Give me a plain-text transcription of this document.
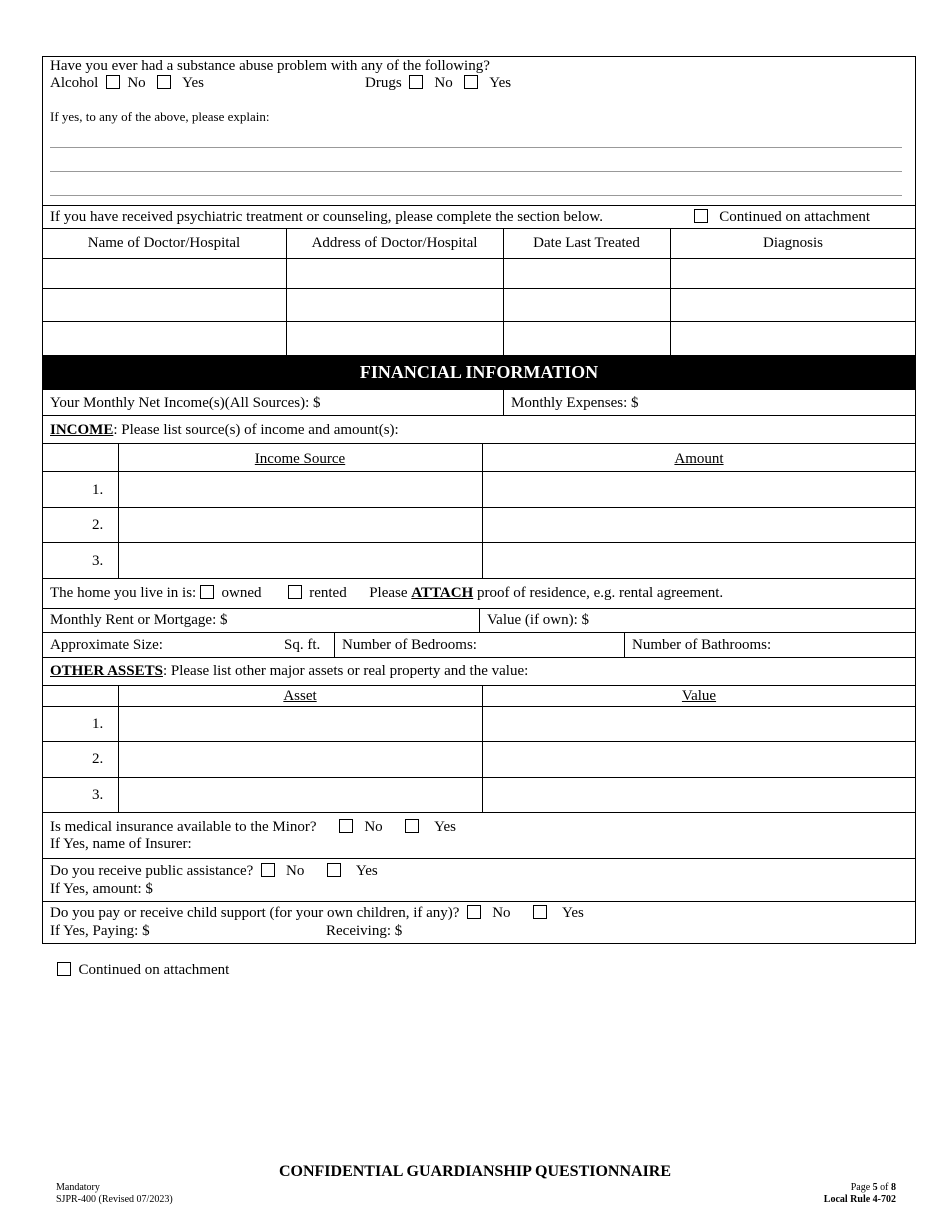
Have you ever had a substance abuse problem with any of the following?
Alcohol No Yes	Drugs No Yes
If yes, to any of the above, please explain:
If you have received psychiatric treatment or counseling, please complete the section below.	Continued on attachment
Name of Doctor/Hospital	Address of Doctor/Hospital	Date Last Treated	Diagnosis
FINANCIAL INFORMATION
Your Monthly Net Income(s)(All Sources): $	Monthly Expenses: $
INCOME: Please list source(s) of income and amount(s):
Income Source	Amount
1.
2.
3.
The home you live in is: owned	rented Please ATTACH proof of residence, e.g. rental agreement.
Monthly Rent or Mortgage: $	Value (if own): $
Approximate Size:	Sq. ft. Number of Bedrooms:	Number of Bathrooms:
OTHER ASSETS: Please list other major assets or real property and the value:
Asset	Value
1.
2.
3.
Is medical insurance available to the Minor?	No	Yes
If Yes, name of Insurer:
Do you receive public assistance? No	Yes
If Yes, amount: $
Do you pay or receive child support (for your own children, if any)? No	Yes
If Yes, Paying: $	Receiving: $
Continued on attachment
CONFIDENTIAL GUARDIANSHIP QUESTIONNAIRE
Mandatory
SJPR-400 (Revised 07/2023)
Page 5 of 8
Local Rule 4-702
